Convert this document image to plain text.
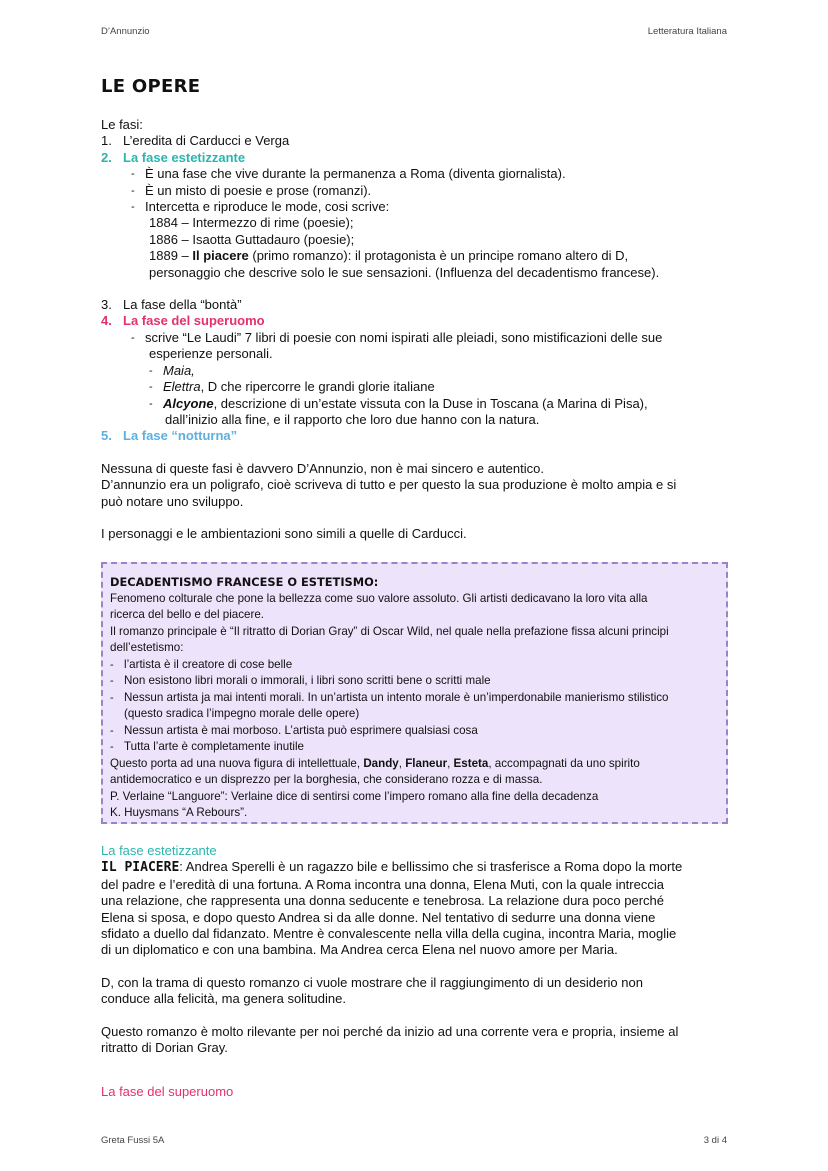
D’Annunzio	Letteratura Italiana
LE OPERE
Le fasi:
1. L’eredita di Carducci e Verga
2. La fase estetizzante
- È una fase che vive durante la permanenza a Roma (diventa giornalista).
- È un misto di poesie e prose (romanzi).
- Intercetta e riproduce le mode, cosi scrive:
1884 – Intermezzo di rime (poesie);
1886 – Isaotta Guttadauro (poesie);
1889 – Il piacere (primo romanzo): il protagonista è un principe romano altero di D,
personaggio che descrive solo le sue sensazioni. (Influenza del decadentismo francese).
3. La fase della “bontà”
4. La fase del superuomo
- scrive “Le Laudi” 7 libri di poesie con nomi ispirati alle pleiadi, sono mistificazioni delle sue
esperienze personali.
- Maia,
- Elettra, D che ripercorre le grandi glorie italiane
- Alcyone, descrizione di un’estate vissuta con la Duse in Toscana (a Marina di Pisa),
dall’inizio alla fine, e il rapporto che loro due hanno con la natura.
5. La fase “notturna”
Nessuna di queste fasi è davvero D’Annunzio, non è mai sincero e autentico.
D’annunzio era un poligrafo, cioè scriveva di tutto e per questo la sua produzione è molto ampia e si
può notare uno sviluppo.
I personaggi e le ambientazioni sono simili a quelle di Carducci.
DECADENTISMO FRANCESE O ESTETISMO:
Fenomeno colturale che pone la bellezza come suo valore assoluto. Gli artisti dedicavano la loro vita alla
ricerca del bello e del piacere.
Il romanzo principale è “Il ritratto di Dorian Gray” di Oscar Wild, nel quale nella prefazione fissa alcuni principi
dell’estetismo:
- l’artista è il creatore di cose belle
- Non esistono libri morali o immorali, i libri sono scritti bene o scritti male
- Nessun artista ja mai intenti morali. In un’artista un intento morale è un’imperdonabile manierismo stilistico
(questo sradica l’impegno morale delle opere)
- Nessun artista è mai morboso. L’artista può esprimere qualsiasi cosa
- Tutta l’arte è completamente inutile
Questo porta ad una nuova figura di intellettuale, Dandy, Flaneur, Esteta, accompagnati da uno spirito
antidemocratico e un disprezzo per la borghesia, che considerano rozza e di massa.
P. Verlaine “Languore”: Verlaine dice di sentirsi come l’impero romano alla fine della decadenza
K. Huysmans “A Rebours”.
La fase estetizzante
IL PIACERE: Andrea Sperelli è un ragazzo bile e bellissimo che si trasferisce a Roma dopo la morte
del padre e l’eredità di una fortuna. A Roma incontra una donna, Elena Muti, con la quale intreccia
una relazione, che rappresenta una donna seducente e tenebrosa. La relazione dura poco perché
Elena si sposa, e dopo questo Andrea si da alle donne. Nel tentativo di sedurre una donna viene
sfidato a duello dal fidanzato. Mentre è convalescente nella villa della cugina, incontra Maria, moglie
di un diplomatico e con una bambina. Ma Andrea cerca Elena nel nuovo amore per Maria.
D, con la trama di questo romanzo ci vuole mostrare che il raggiungimento di un desiderio non
conduce alla felicità, ma genera solitudine.
Questo romanzo è molto rilevante per noi perché da inizio ad una corrente vera e propria, insieme al
ritratto di Dorian Gray.
La fase del superuomo
Greta Fussi 5A	3 di 4
